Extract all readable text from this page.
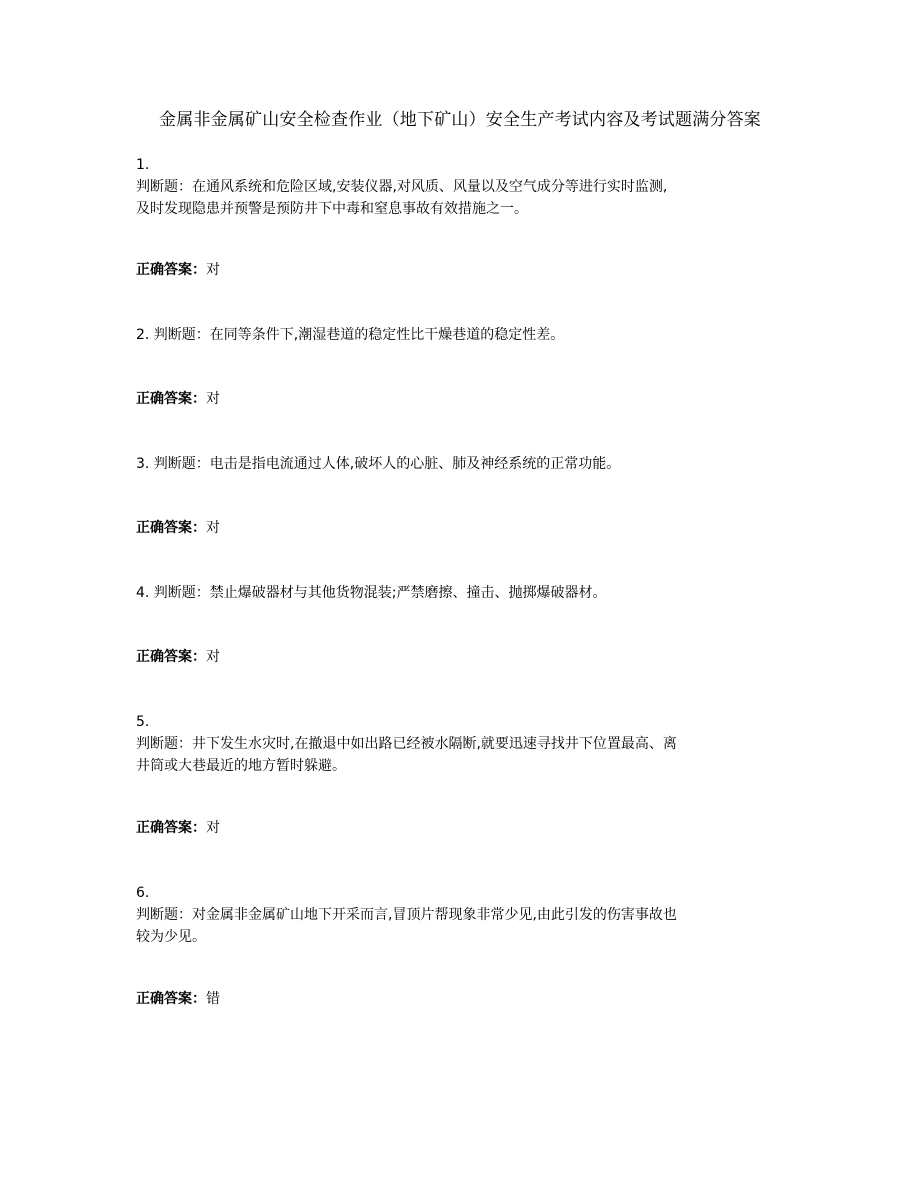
金属非金属矿山安全检查作业（地下矿山）安全生产考试内容及考试题满分答案
1.
判断题：在通风系统和危险区域,安装仪器,对风质、风量以及空气成分等进行实时监测,
及时发现隐患并预警是预防井下中毒和窒息事故有效措施之一。
正确答案：对
2. 判断题：在同等条件下,潮湿巷道的稳定性比干燥巷道的稳定性差。
正确答案：对
3. 判断题：电击是指电流通过人体,破坏人的心脏、肺及神经系统的正常功能。
正确答案：对
4. 判断题：禁止爆破器材与其他货物混装;严禁磨擦、撞击、抛掷爆破器材。
正确答案：对
5.
判断题：井下发生水灾时,在撤退中如出路已经被水隔断,就要迅速寻找井下位置最高、离
井筒或大巷最近的地方暂时躲避。
正确答案：对
6.
判断题：对金属非金属矿山地下开采而言,冒顶片帮现象非常少见,由此引发的伤害事故也
较为少见。
正确答案：错
